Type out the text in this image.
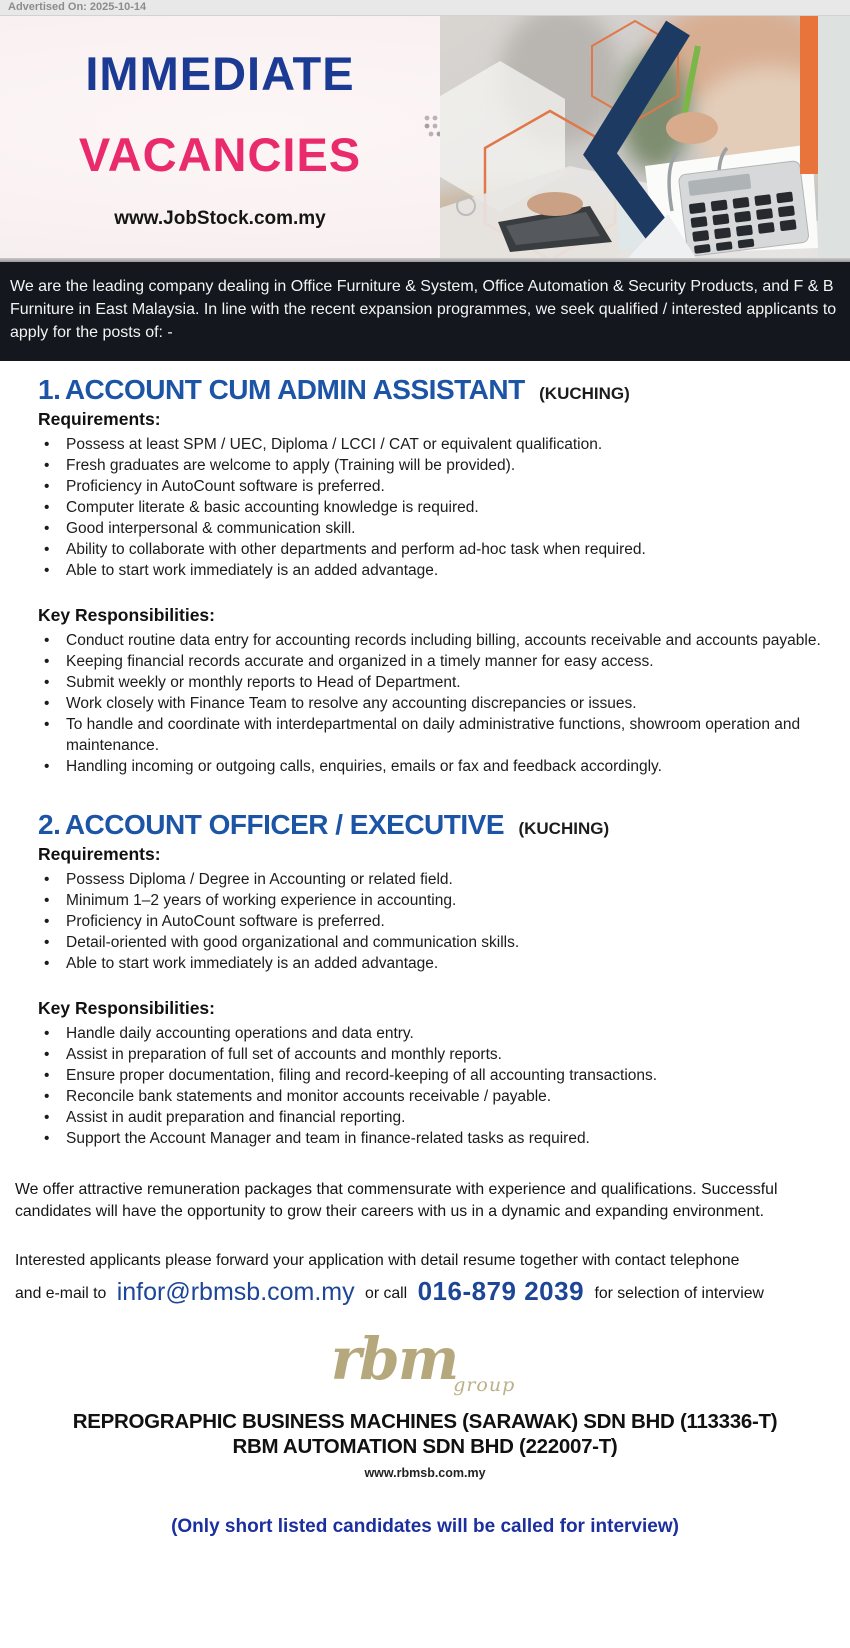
Advertised On: 2025-10-14
IMMEDIATE
VACANCIES
www.JobStock.com.my
We are the leading company dealing in Office Furniture & System, Office Automation & Security Products, and F & B Furniture in East Malaysia. In line with the recent expansion programmes, we seek qualified / interested applicants to apply for the posts of: -
1. ACCOUNT CUM ADMIN ASSISTANT (KUCHING)
Requirements:
•
Possess at least SPM / UEC, Diploma / LCCI / CAT or equivalent qualification.
•
Fresh graduates are welcome to apply (Training will be provided).
•
Proficiency in AutoCount software is preferred.
•
Computer literate & basic accounting knowledge is required.
•
Good interpersonal & communication skill.
•
Ability to collaborate with other departments and perform ad-hoc task when required.
•
Able to start work immediately is an added advantage.
Key Responsibilities:
•
Conduct routine data entry for accounting records including billing, accounts receivable and accounts payable.
•
Keeping financial records accurate and organized in a timely manner for easy access.
•
Submit weekly or monthly reports to Head of Department.
•
Work closely with Finance Team to resolve any accounting discrepancies or issues.
•
To handle and coordinate with interdepartmental on daily administrative functions, showroom operation and maintenance.
•
Handling incoming or outgoing calls, enquiries, emails or fax and feedback accordingly.
2. ACCOUNT OFFICER / EXECUTIVE (KUCHING)
Requirements:
•
Possess Diploma / Degree in Accounting or related field.
•
Minimum 1–2 years of working experience in accounting.
•
Proficiency in AutoCount software is preferred.
•
Detail-oriented with good organizational and communication skills.
•
Able to start work immediately is an added advantage.
Key Responsibilities:
•
Handle daily accounting operations and data entry.
•
Assist in preparation of full set of accounts and monthly reports.
•
Ensure proper documentation, filing and record-keeping of all accounting transactions.
•
Reconcile bank statements and monitor accounts receivable / payable.
•
Assist in audit preparation and financial reporting.
•
Support the Account Manager and team in finance-related tasks as required.
We offer attractive remuneration packages that commensurate with experience and qualifications. Successful candidates will have the opportunity to grow their careers with us in a dynamic and expanding environment.
Interested applicants please forward your application with detail resume together with contact telephone
and e-mail to infor@rbmsb.com.my or call 016-879 2039 for selection of interview
rbmgroup
REPROGRAPHIC BUSINESS MACHINES (SARAWAK) SDN BHD (113336-T)
RBM AUTOMATION SDN BHD (222007-T)
www.rbmsb.com.my
(Only short listed candidates will be called for interview)
